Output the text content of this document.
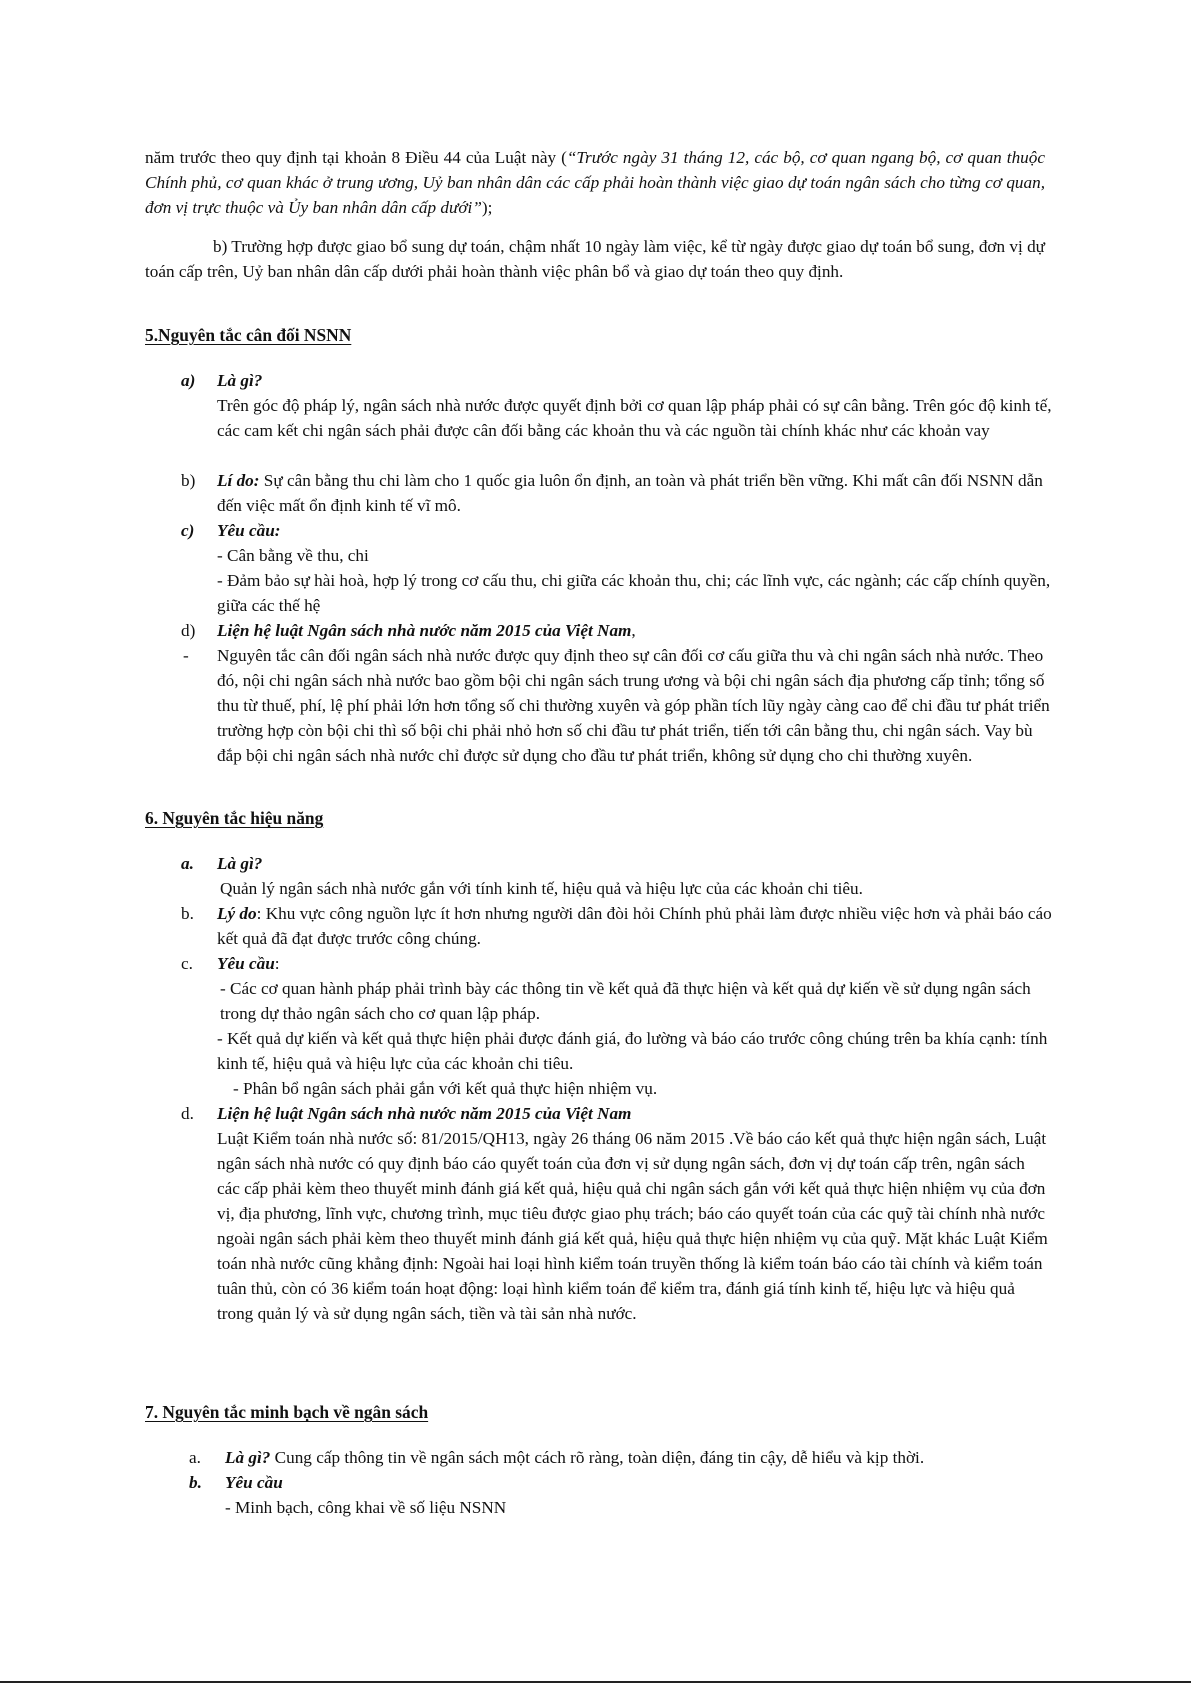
năm trước theo quy định tại khoản 8 Điều 44 của Luật này (“Trước ngày 31 tháng 12, các bộ, cơ quan ngang bộ, cơ quan thuộc Chính phủ, cơ quan khác ở trung ương, Uỷ ban nhân dân các cấp phải hoàn thành việc giao dự toán ngân sách cho từng cơ quan, đơn vị trực thuộc và Ủy ban nhân dân cấp dưới”);
b) Trường hợp được giao bổ sung dự toán, chậm nhất 10 ngày làm việc, kể từ ngày được giao dự toán bổ sung, đơn vị dự toán cấp trên, Uỷ ban nhân dân cấp dưới phải hoàn thành việc phân bổ và giao dự toán theo quy định.
5.Nguyên tắc cân đối NSNN
a) Là gì?
Trên góc độ pháp lý, ngân sách nhà nước được quyết định bởi cơ quan lập pháp phải có sự cân bằng. Trên góc độ kinh tế, các cam kết chi ngân sách phải được cân đối bằng các khoản thu và các nguồn tài chính khác như các khoản vay
b) Lí do: Sự cân bằng thu chi làm cho 1 quốc gia luôn ổn định, an toàn và phát triển bền vững. Khi mất cân đối NSNN dẫn đến việc mất ổn định kinh tế vĩ mô.
c) Yêu cầu:
- Cân bằng về thu, chi
- Đảm bảo sự hài hoà, hợp lý trong cơ cấu thu, chi giữa các khoản thu, chi; các lĩnh vực, các ngành; các cấp chính quyền, giữa các thế hệ
d) Liện hệ luật Ngân sách nhà nước năm 2015 của Việt Nam,
- Nguyên tắc cân đối ngân sách nhà nước được quy định theo sự cân đối cơ cấu giữa thu và chi ngân sách nhà nước. Theo đó, nội chi ngân sách nhà nước bao gồm bội chi ngân sách trung ương và bội chi ngân sách địa phương cấp tỉnh; tổng số thu từ thuế, phí, lệ phí phải lớn hơn tổng số chi thường xuyên và góp phần tích lũy ngày càng cao để chi đầu tư phát triển trường hợp còn bội chi thì số bội chi phải nhỏ hơn số chi đầu tư phát triển, tiến tới cân bằng thu, chi ngân sách. Vay bù đắp bội chi ngân sách nhà nước chỉ được sử dụng cho đầu tư phát triển, không sử dụng cho chi thường xuyên.
6. Nguyên tắc hiệu năng
a. Là gì?
Quản lý ngân sách nhà nước gắn với tính kinh tế, hiệu quả và hiệu lực của các khoản chi tiêu.
b. Lý do: Khu vực công nguồn lực ít hơn nhưng người dân đòi hỏi Chính phủ phải làm được nhiều việc hơn và phải báo cáo kết quả đã đạt được trước công chúng.
c. Yêu cầu:
- Các cơ quan hành pháp phải trình bày các thông tin về kết quả đã thực hiện và kết quả dự kiến về sử dụng ngân sách trong dự thảo ngân sách cho cơ quan lập pháp.
- Kết quả dự kiến và kết quả thực hiện phải được đánh giá, đo lường và báo cáo trước công chúng trên ba khía cạnh: tính kinh tế, hiệu quả và hiệu lực của các khoản chi tiêu.
- Phân bổ ngân sách phải gắn với kết quả thực hiện nhiệm vụ.
d. Liện hệ luật Ngân sách nhà nước năm 2015 của Việt Nam
Luật Kiểm toán nhà nước số: 81/2015/QH13, ngày 26 tháng 06 năm 2015 .Về báo cáo kết quả thực hiện ngân sách, Luật ngân sách nhà nước có quy định báo cáo quyết toán của đơn vị sử dụng ngân sách, đơn vị dự toán cấp trên, ngân sách các cấp phải kèm theo thuyết minh đánh giá kết quả, hiệu quả chi ngân sách gắn với kết quả thực hiện nhiệm vụ của đơn vị, địa phương, lĩnh vực, chương trình, mục tiêu được giao phụ trách; báo cáo quyết toán của các quỹ tài chính nhà nước ngoài ngân sách phải kèm theo thuyết minh đánh giá kết quả, hiệu quả thực hiện nhiệm vụ của quỹ. Mặt khác Luật Kiểm toán nhà nước cũng khẳng định: Ngoài hai loại hình kiểm toán truyền thống là kiểm toán báo cáo tài chính và kiểm toán tuân thủ, còn có 36 kiểm toán hoạt động: loại hình kiểm toán để kiểm tra, đánh giá tính kinh tế, hiệu lực và hiệu quả trong quản lý và sử dụng ngân sách, tiền và tài sản nhà nước.
7. Nguyên tắc minh bạch về ngân sách
a. Là gì? Cung cấp thông tin về ngân sách một cách rõ ràng, toàn diện, đáng tin cậy, dễ hiểu và kịp thời.
b. Yêu cầu
- Minh bạch, công khai về số liệu NSNN
